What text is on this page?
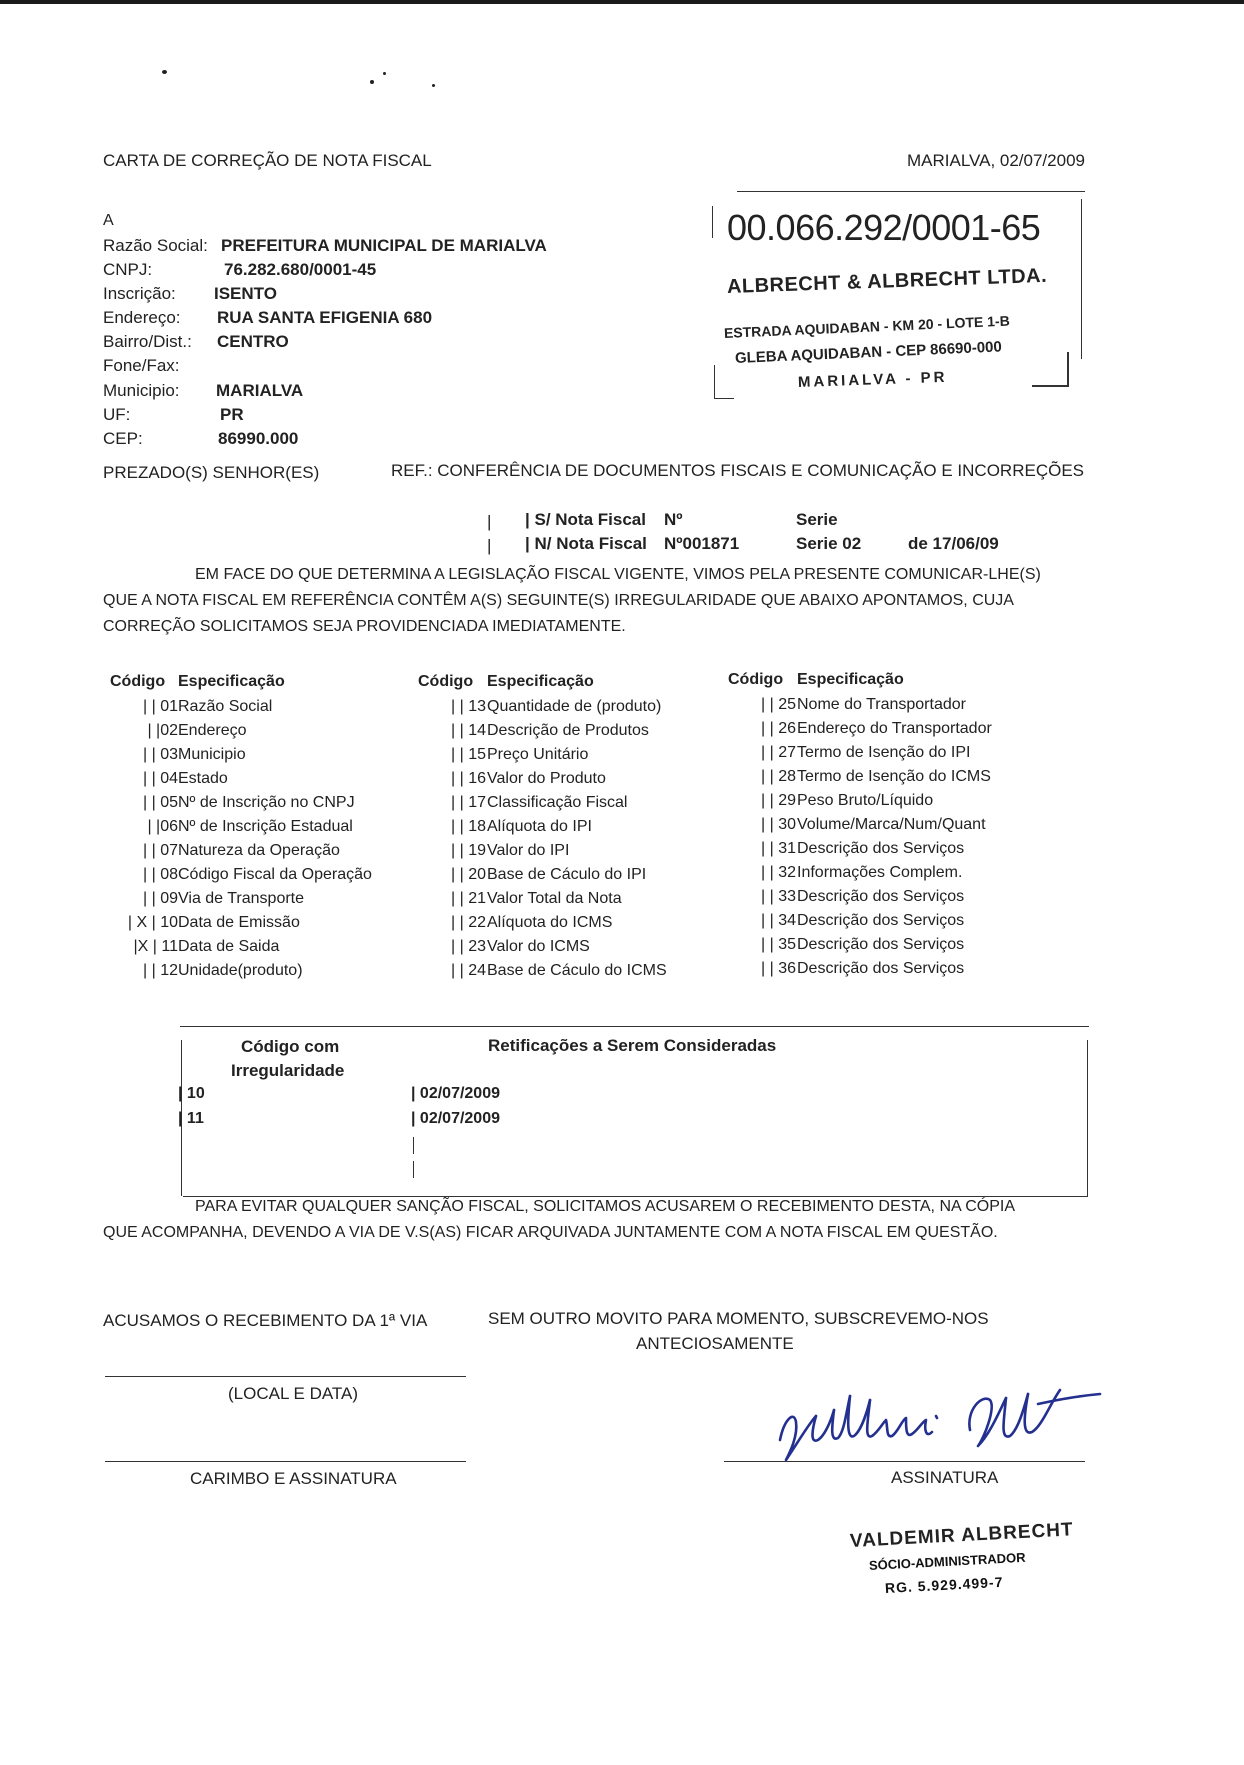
CARTA DE CORREÇÃO DE NOTA FISCAL	MARIALVA, 02/07/2009
A
Razão Social: PREFEITURA MUNICIPAL DE MARIALVA
CNPJ:	76.282.680/0001-45
Inscrição: ISENTO
Endereço: RUA SANTA EFIGENIA 680
Bairro/Dist.: CENTRO
Fone/Fax:
Municipio: MARIALVA
UF:	PR
CEP:	86990.000
00.066.292/0001-65
ALBRECHT & ALBRECHT LTDA.
ESTRADA AQUIDABAN - KM 20 - LOTE 1-B
GLEBA AQUIDABAN - CEP 86690-000
MARIALVA - PR
PREZADO(S) SENHOR(ES)	REF.: CONFERÊNCIA DE DOCUMENTOS FISCAIS E COMUNICAÇÃO E INCORREÇÕES
| | S/ Nota Fiscal Nº	Serie
| | N/ Nota Fiscal Nº001871	Serie 02	de 17/06/09
EM FACE DO QUE DETERMINA A LEGISLAÇÃO FISCAL VIGENTE, VIMOS PELA PRESENTE COMUNICAR-LHE(S)
QUE A NOTA FISCAL EM REFERÊNCIA CONTÊM A(S) SEGUINTE(S) IRREGULARIDADE QUE ABAIXO APONTAMOS, CUJA
CORREÇÃO SOLICITAMOS SEJA PROVIDENCIADA IMEDIATAMENTE.
Código Especificação
| | 01 Razão Social
| |02 Endereço
| | 03 Municipio
| | 04 Estado
| | 05 Nº de Inscrição no CNPJ
| |06 Nº de Inscrição Estadual
| | 07 Natureza da Operação
| | 08 Código Fiscal da Operação
| | 09 Via de Transporte
| X | 10 Data de Emissão
|X | 11 Data de Saida
| | 12 Unidade(produto)
Código Especificação
| | 13 Quantidade de (produto)
| | 14 Descrição de Produtos
| | 15 Preço Unitário
| | 16 Valor do Produto
| | 17 Classificação Fiscal
| | 18 Alíquota do IPI
| | 19 Valor do IPI
| | 20 Base de Cáculo do IPI
| | 21 Valor Total da Nota
| | 22 Alíquota do ICMS
| | 23 Valor do ICMS
| | 24 Base de Cáculo do ICMS
Código Especificação
| | 25 Nome do Transportador
| | 26 Endereço do Transportador
| | 27 Termo de Isenção do IPI
| | 28 Termo de Isenção do ICMS
| | 29 Peso Bruto/Líquido
| | 30 Volume/Marca/Num/Quant
| | 31 Descrição dos Serviços
| | 32 Informações Complem.
| | 33 Descrição dos Serviços
| | 34 Descrição dos Serviços
| | 35 Descrição dos Serviços
| | 36 Descrição dos Serviços
Código com
Irregularidade
Retificações a Serem Consideradas
| 10	| 02/07/2009
| 11	| 02/07/2009
PARA EVITAR QUALQUER SANÇÃO FISCAL, SOLICITAMOS ACUSAREM O RECEBIMENTO DESTA, NA CÓPIA
QUE ACOMPANHA, DEVENDO A VIA DE V.S(AS) FICAR ARQUIVADA JUNTAMENTE COM A NOTA FISCAL EM QUESTÃO.
ACUSAMOS O RECEBIMENTO DA 1ª VIA	SEM OUTRO MOVITO PARA MOMENTO, SUBSCREVEMO-NOS
ANTECIOSAMENTE
(LOCAL E DATA)
CARIMBO E ASSINATURA	ASSINATURA
VALDEMIR ALBRECHT
SÓCIO-ADMINISTRADOR
RG. 5.929.499-7
